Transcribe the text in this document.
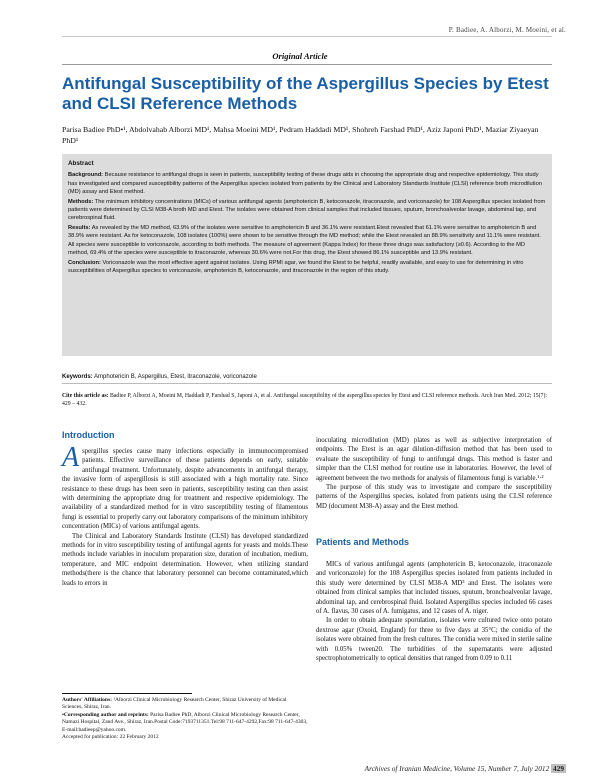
P. Badiee, A. Alborzi, M. Moeini, et al.
Original Article
Antifungal Susceptibility of the Aspergillus Species by Etest and CLSI Reference Methods
Parisa Badiee PhD•¹, Abdolvahab Alborzi MD¹, Mahsa Moeini MD¹, Pedram Haddadi MD¹, Shohreh Farshad PhD¹, Aziz Japoni PhD¹, Maziar Ziyaeyan PhD¹

Abstract

Background: Because resistance to antifungal drugs is seen in patients, susceptibility testing of these drugs aids in choosing the appropriate drug and respective epidemiology. This study has investigated and compared susceptibility patterns of the Aspergillus species isolated from patients by the Clinical and Laboratory Standards Institute (CLSI) reference broth microdilution (MD) assay and Etest method.

Methods: The minimum inhibitory concentrations (MICs) of various antifungal agents (amphotericin B, ketoconazole, itraconazole, and voriconazole) for 108 Aspergillus species isolated from patients were determined by CLSI M38-A broth MD and Etest. The isolates were obtained from clinical samples that included tissues, sputum, bronchoalveolar lavage, abdominal tap, and cerebrospinal fluid.

Results: As revealed by the MD method, 63.9% of the isolates were sensitive to amphotericin B and 36.1% were resistant.Etest revealed that 61.1% were sensitive to amphotericin B and 38.9% were resistant. As for ketoconazole, 108 isolates (100%) were shown to be sensitive through the MD method; while the Etest revealed an 88.9% sensitivity and 11.1% were resistant. All species were susceptible to voriconazole, according to both methods. The measure of agreement (Kappa Index) for these three drugs was satisfactory (≥0.6). According to the MD method, 69.4% of the species were susceptible to itraconazole, whereas 30.6% were not.For this drug, the Etest showed 86.1% susceptible and 13.9% resistant.

Conclusion: Voriconazole was the most effective agent against isolates. Using RPMI agar, we found the Etest to be helpful, readily available, and easy to use for determining in vitro susceptibilities of Aspergillus species to voriconazole, amphotericin B, ketoconazole, and itraconazole in the region of this study.

Keywords: Amphotericin B, Aspergillus, Etest, itraconazole, voriconazole
Cite this article as: Badiee P, Alborzi A, Moeini M, Haddadi P, Farshad S, Japoni A, et al. Antifungal susceptibility of the aspergillus species by Etest and CLSI reference methods. Arch Iran Med. 2012; 15(7): 429 – 432.
Introduction

Aspergillus species cause many infections especially in immunocompromised patients. Effective surveillance of these patients depends on early, suitable antifungal treatment. Unfortunately, despite advancements in antifungal therapy, the invasive form of aspergillosis is still associated with a high mortality rate. Since resistance to these drugs has been seen in patients, susceptibility testing can then assist with determining the appropriate drug for treatment and respective epidemiology. The availability of a standardized method for in vitro susceptibility testing of filamentous fungi is essential to properly carry out laboratory comparisons of the minimum inhibitory concentration (MICs) of various antifungal agents.

The Clinical and Laboratory Standards Institute (CLSI) has developed standardized methods for in vitro susceptibility testing of antifungal agents for yeasts and molds.These methods include variables in inoculum preparation size, duration of incubation, medium, temperature, and MIC endpoint determination. However, when utilizing standard methods(there is the chance that laboratory personnel can become contaminated,which leads to errors in

Authors' Affiliations: ¹Alborzi Clinical Microbiology Research Center, Shiraz University of Medical Sciences, Shiraz, Iran.
•Corresponding author and reprints: Parisa Badiee PhD, Alborzi Clinical Microbiology Research Center, Namazi Hospital, Zand Ave., Shiraz, Iran.Postal Code:7193711351.Tel:98 711-647-4292,Fax:98 711-647-4303, E-mail:badieep@yahoo.com.
Accepted for publication: 22 February 2012

inoculating microdilution (MD) plates as well as subjective interpretation of endpoints. The Etest is an agar dilution-diffusion method that has been used to evaluate the susceptibility of fungi to antifungal drugs. This method is faster and simpler than the CLSI method for routine use in laboratories. However, the level of agreement between the two methods for analysis of filamentous fungi is variable.¹·²

The purpose of this study was to investigate and compare the susceptibility patterns of the Aspergillus species, isolated from patients using the CLSI reference MD (document M38-A) assay and the Etest method.

Patients and Methods

MICs of various antifungal agents (amphotericin B, ketoconazole, itraconazole and voriconazole) for the 108 Aspergillus species isolated from patients included in this study were determined by CLSI M38-A MD³ and Etest. The isolates were obtained from clinical samples that included tissues, sputum, bronchoalveolar lavage, abdominal tap, and cerebrospinal fluid. Isolated Aspergillus species included 66 cases of A. flavus, 30 cases of A. fumigatus, and 12 cases of A. niger.

In order to obtain adequate sporulation, isolates were cultured twice onto potato dextrose agar (Oxoid, England) for three to five days at 35°C; the conidia of the isolates were obtained from the fresh cultures. The conidia were mixed in sterile saline with 0.05% tween20. The turbidities of the supernatants were adjusted spectrophotometrically to optical densities that ranged from 0.09 to 0.11

Archives of Iranian Medicine, Volume 15, Number 7, July 2012 429
